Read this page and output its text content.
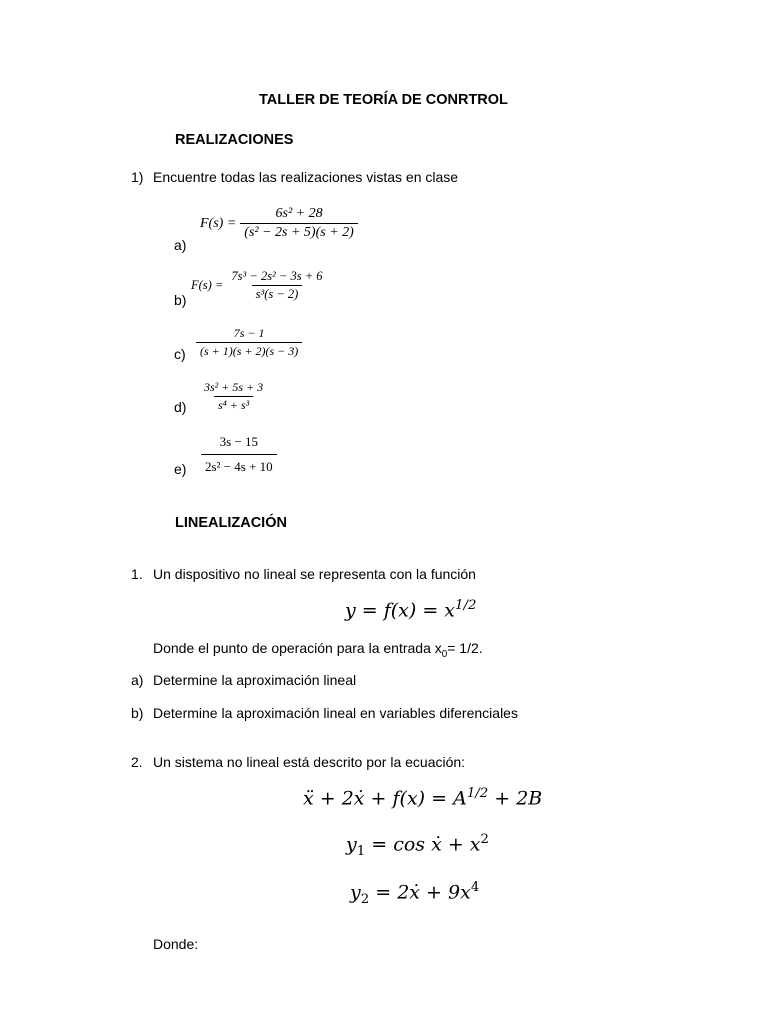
TALLER DE TEORÍA DE CONRTROL
REALIZACIONES
1) Encuentre todas las realizaciones vistas en clase
a)
$F(s) = \frac{\text{6s² + 28}}{\text{(s² − 2s + 5)(s + 2)}}$
b)
$F(s) = \frac{\text{7s³ − 2s² − 3s + 6}}{\text{s³(s − 2)}}$
$c) \frac{7s - 1}{(s + 1)(s + 2)(s - 3)}$
$d) \frac{\text{3s² + 5s + 3}}{\text{s⁴ + s³}}$
$e) \frac{3s - 15}{\text{2s² − 4s + 10}}$
LINEALIZACIÓN
1. Un dispositivo no lineal se representa con la función
$y = f(x) = x^{1/2}$
Donde el punto de operación para la entrada $x_0= 1/2$.
a) Determine la aproximación lineal
b) Determine la aproximación lineal en variables diferenciales
2. Un sistema no lineal está descrito por la ecuación:
ẍ + 2ẋ + $f(x) = A^{1/2} + 2B$
$y_1 = \cos$ ẋ + $x^2$
$y_2$ = 2ẋ + $9x^4$
Donde:
